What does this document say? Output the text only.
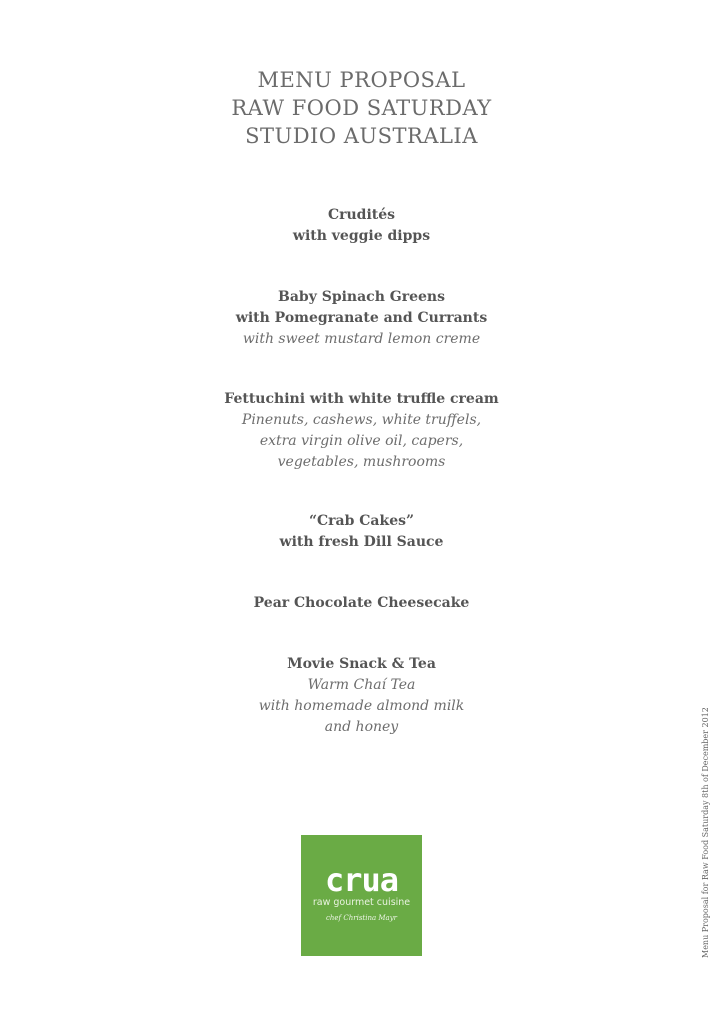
MENU PROPOSAL
RAW FOOD SATURDAY
STUDIO AUSTRALIA
Crudités
with veggie dipps
Baby Spinach Greens
with Pomegranate and Currants
with sweet mustard lemon creme
Fettuchini with white truffle cream
Pinenuts, cashews, white truffels,
extra virgin olive oil, capers,
vegetables, mushrooms
“Crab Cakes”
with fresh Dill Sauce
Pear Chocolate Cheesecake
Movie Snack & Tea
Warm Chaí Tea
with homemade almond milk
and honey
crua
raw gourmet cuisine
chef Christina Mayr	Menu Proposal for Raw Food Saturday 8th of December 2012
